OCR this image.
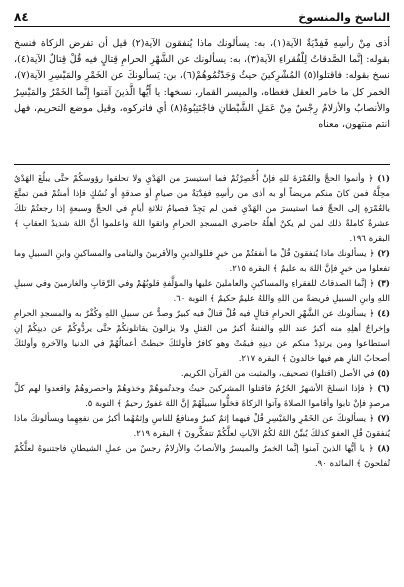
٨٤	الناسخ والمنسوخ

أذى مِنْ رأسِهِ فَفِدْيَةٌ الآية(١)، به: يسألونك ماذا يُنفقون الآية(٢) قيل أن تفرض الزكاة فنسخ بقوله: إنَّما الصَّدقاتُ لِلْفُقراءِ الآية(٣)، به: يسألونك عن الشَّهْرِ الحرامِ قِتالٍ فيه قُلْ قِتالٌ الآية(٤)، نسخ بقوله: فاقتلوا(٥) المُشْرِكينَ حيثُ وَجَدْتُمُوهُمْ(٦)، بن: يَسألونكَ عن الخَمْرِ والمَيْسِرِ الآية(٧)، الخمر كل ما خامر العقل فغطاه، والميسر القمار، نسخها: يا أَيُّها الَّذينَ آمَنوا إِنَّما الخَمْرُ والمَيْسِرُ والأنصابُ والأزلامُ رِجْسٌ مِنْ عَمَلِ الشَّيْطانِ فاجْتَنِبُوهُ(٨) أي فاتركوه، وقيل موضع التحريم، فهل انتم منتهون، معناه

(١) ﴿ وأتموا الحجَّ والعُمْرَةَ للهِ فإنْ أُحْصِرْتُمْ فما استيسرَ من الهَدْيِ ولا تحلقوا رؤوسكُمْ حتَّى يبلُغَ الهَدْيُ محِلَّهُ فمن كانَ منكم مريضاً أو به أذى من رأسِهِ ففِدْيَةٌ من صيامٍ أو صدقةٍ أو نُسُكٍ فإذا أمنتُمْ فمن تمتَّعَ بالعُمْرَةِ إلى الحجِّ فما استيسرَ من الهَدْيِ فمن لم يَجِدْ فصيامُ ثلاثةِ أيامٍ في الحجِّ وسبعةٍ إذا رجعتُمْ تلكَ عشرةٌ كاملةٌ ذلك لمن لم يكنْ أهلُهُ حاضري المسجدِ الحرامِ واتقوا اللهَ واعلموا أنَّ اللهَ شديدُ العقابِ ﴾ البقرة ١٩٦.

(٢) ﴿ يسألونك ماذا يُنفقونَ قُلْ ما أنفقتُمْ من خيرٍ فللوالدينِ والأقربينَ واليتامى والمساكينِ وابنِ السبيلِ وما تفعلوا من خيرٍ فإنَّ اللهَ به عليمٌ ﴾ البقرة ٢١٥.

(٣) ﴿ إنَّما الصدقاتُ للفقراءِ والمساكينِ والعاملينَ عليها والمؤلَّفةِ قلوبُهُمْ وفي الرِّقابِ والغارمينَ وفي سبيلِ اللهِ وابنِ السبيلِ فريضةً من اللهِ واللهُ عليمٌ حكيمٌ ﴾ التوبة ٦٠.

(٤) ﴿ يسألونك عن الشَّهْرِ الحرامِ قتالٍ فيه قُلْ قتالٌ فيه كبيرٌ وصدٌّ عن سبيلِ اللهِ وكُفْرٌ به والمسجدِ الحرامِ وإخراجُ أهلِهِ منه أكبرُ عند اللهِ والفتنةُ أكبرُ من القتلِ ولا يزالونَ يقاتلونكُمْ حتَّى يردُّوكُمْ عن دينِكُمْ إنِ استطاعوا ومن يرتدِدْ منكم عن دينِهِ فيمُتْ وهو كافرٌ فأولئكَ حبطتْ أعمالُهُمْ في الدنيا والآخرةِ وأولئكَ أصحابُ النارِ هم فيها خالدونَ ﴾ البقرة ٢١٧.

(٥) في الأصل (اقتلوا) تصحيف، والمثبت من القرآن الكريم.

(٦) ﴿ فإذا انسلخَ الأشهرُ الحُرُمُ فاقتلوا المشركينَ حيثُ وجدتُموهُمْ وخذوهُمْ واحصروهُمْ واقعدوا لهم كلَّ مرصدٍ فإنْ تابوا وأقاموا الصلاةَ وآتوا الزكاةَ فخلُّوا سبيلَهُمْ إنَّ اللهَ غفورٌ رحيمٌ ﴾ التوبة ٥.

(٧) ﴿ يسألونكَ عن الخَمْرِ والمَيْسِرِ قُلْ فيهما إثمٌ كبيرٌ ومنافعُ للناسِ وإثمُهُما أكبرُ من نفعِهِما ويسألونكَ ماذا يُنفقونَ قُلِ العفوَ كذلكَ يُبيِّنُ اللهُ لكُمُ الآياتِ لعلَّكُمْ تتفكَّرونَ ﴾ البقرة ٢١٩.

(٨) ﴿ يا أيُّها الذينَ آمنوا إنَّما الخمرُ والميسرُ والأنصابُ والأزلامُ رجسٌ من عملِ الشيطانِ فاجتنبوهُ لعلَّكُمْ تُفلحونَ ﴾ المائدة ٩٠.
